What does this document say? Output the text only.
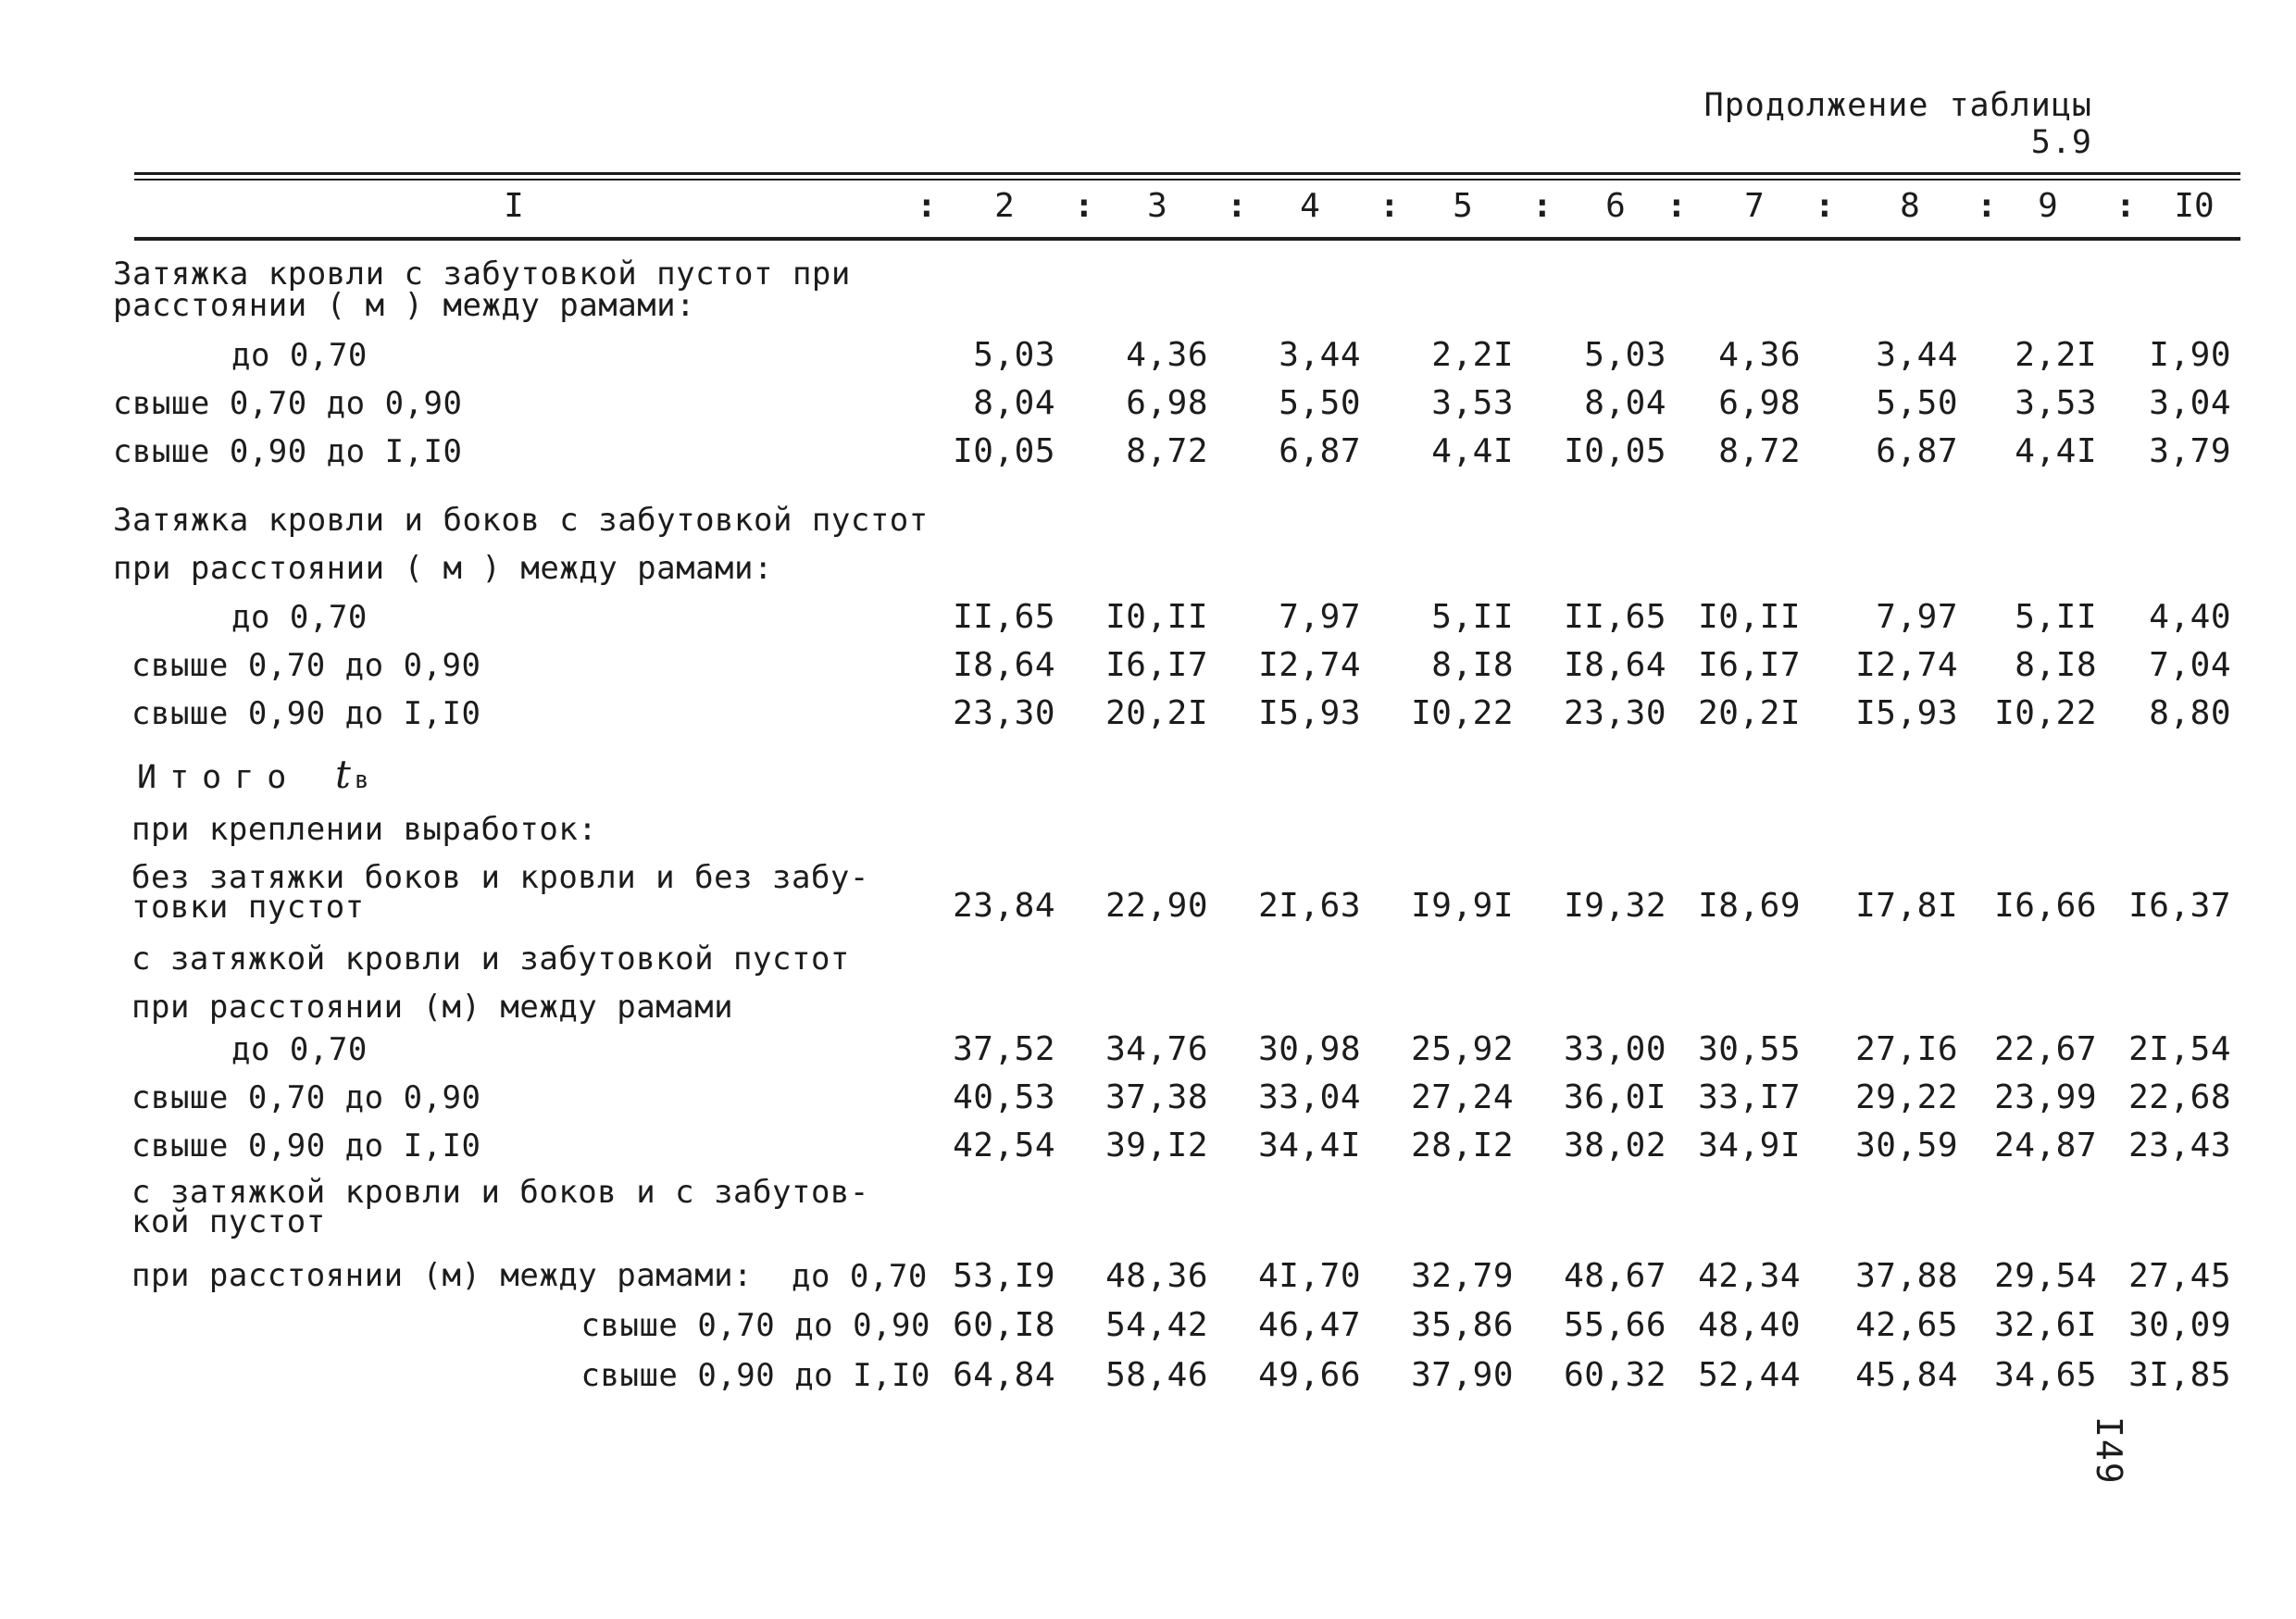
Продолжение таблицы 5.9
I	2	3	4	5	6	7	8	9	I0
:	:	:	:	:	:	:	:	:
Затяжка кровли с забутовкой пустот при
расстоянии ( м ) между рамами:
до 0,70	5,03	4,36	3,44	2,2I	5,03	4,36	3,44	2,2I	I,90
свыше 0,70 до 0,90	8,04	6,98	5,50	3,53	8,04	6,98	5,50	3,53	3,04
свыше 0,90 до I,I0	I0,05	8,72	6,87	4,4I	I0,05	8,72	6,87	4,4I	3,79
Затяжка кровли и боков с забутовкой пустот
при расстоянии ( м ) между рамами:
до 0,70	II,65	I0,II	7,97	5,II	II,65 I0,II	7,97	5,II	4,40
свыше 0,70 до 0,90	I8,64	I6,I7	I2,74	8,I8	I8,64 I6,I7	I2,74	8,I8	7,04
свыше 0,90 до I,I0	23,30	20,2I	I5,93	I0,22	23,30 20,2I	I5,93	I0,22	8,80
при креплении выработок:
без затяжки боков и кровли и без забу-
товки пустот	23,84	22,90	2I,63	I9,9I	I9,32 I8,69	I7,8I	I6,66 I6,37
с затяжкой кровли и забутовкой пустот
при расстоянии (м) между рамами
до 0,70	37,52	34,76	30,98	25,92	33,00 30,55	27,I6	22,67 2I,54
свыше 0,70 до 0,90	40,53	37,38	33,04	27,24	36,0I 33,I7	29,22	23,99 22,68
свыше 0,90 до I,I0	42,54	39,I2	34,4I	28,I2	38,02 34,9I	30,59	24,87 23,43
с затяжкой кровли и боков и с забутов-
кой пустот
при расстоянии (м) между рамами: до 0,70 53,I9	48,36	4I,70	32,79	48,67 42,34	37,88	29,54 27,45
свыше 0,70 до 0,90 60,I8	54,42	46,47	35,86	55,66 48,40	42,65	32,6I 30,09
свыше 0,90 до I,I0 64,84	58,46	49,66	37,90	60,32 52,44	45,84	34,65 3I,85
Итого tв
I49
